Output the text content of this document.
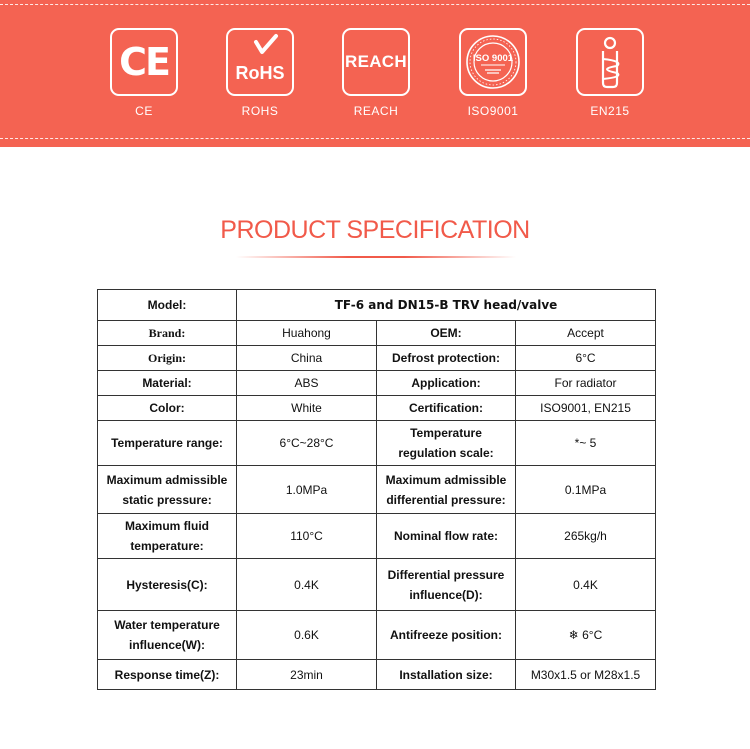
CE
CE
RoHS
ROHS
REACH
REACH
ISO 9001
ISO9001	EN215
PRODUCT SPECIFICATION
Model:	TF-6 and DN15-B TRV head/valve		
Brand:	Huahong	OEM:	Accept
Origin:	China	Defrost protection:	6°C
Material:	ABS	Application:	For radiator
Color:	White	Certification:	ISO9001, EN215
Temperature range:	6°C~28°C	Temperature regulation scale:	*~ 5
Maximum admissible static pressure:	1.0MPa	Maximum admissible differential pressure:	0.1MPa
Maximum fluid temperature:	110°C	Nominal flow rate:	265kg/h
Hysteresis(C):	0.4K	Differential pressure influence(D):	0.4K
Water temperature influence(W):	0.6K	Antifreeze position:	❄ 6°C
Response time(Z):	23min	Installation size:	M30x1.5 or M28x1.5
